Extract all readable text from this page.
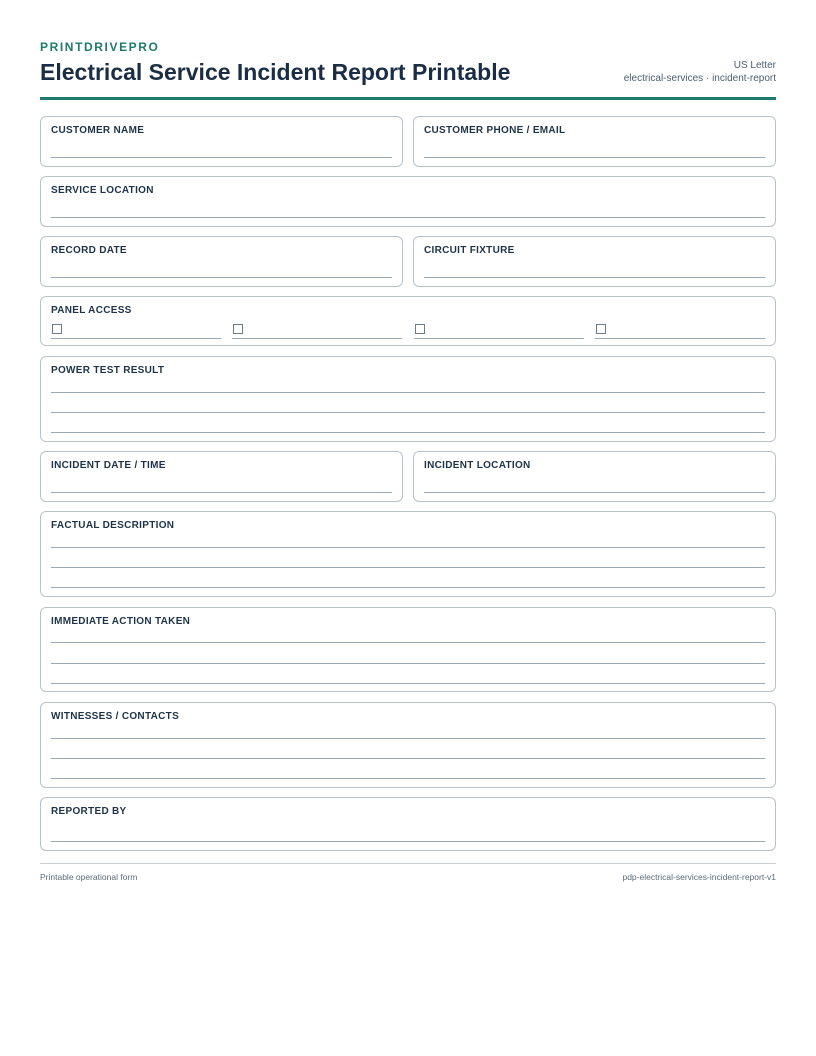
PRINTDRIVEPRO
Electrical Service Incident Report Printable	US Letter
electrical-services · incident-report
CUSTOMER NAME	CUSTOMER PHONE / EMAIL
SERVICE LOCATION
RECORD DATE	CIRCUIT FIXTURE
PANEL ACCESS
POWER TEST RESULT
INCIDENT DATE / TIME	INCIDENT LOCATION
FACTUAL DESCRIPTION
IMMEDIATE ACTION TAKEN
WITNESSES / CONTACTS
REPORTED BY
Printable operational form	pdp-electrical-services-incident-report-v1
